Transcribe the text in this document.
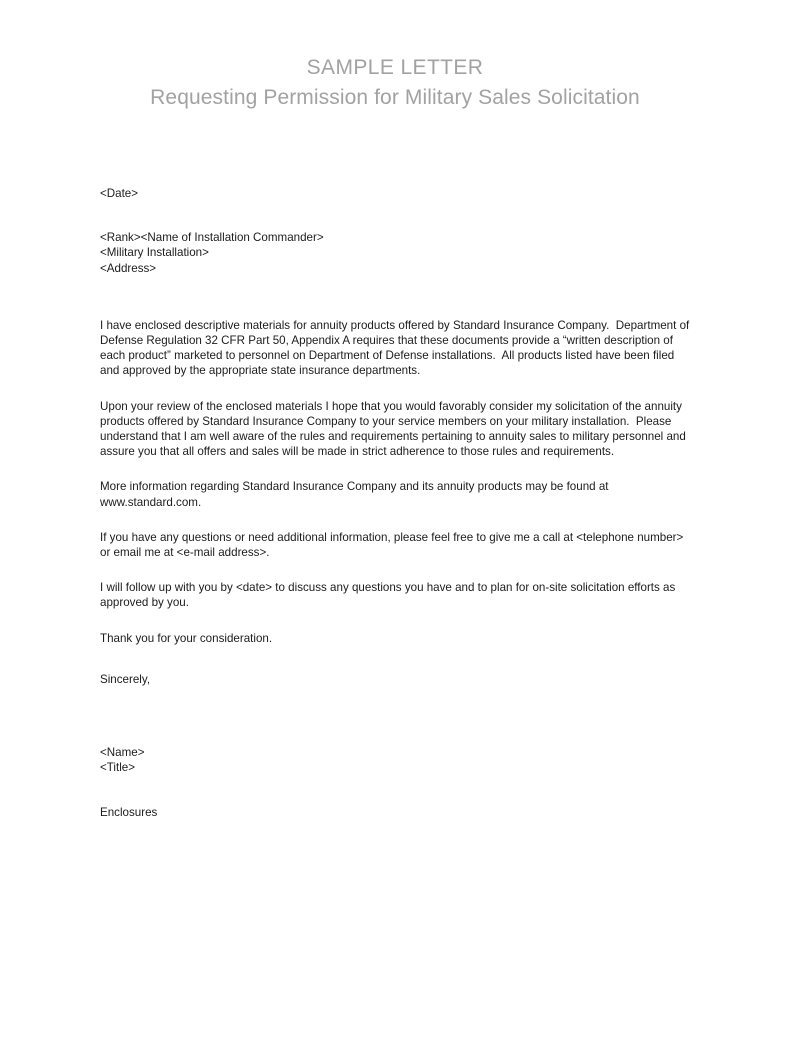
SAMPLE LETTER
Requesting Permission for Military Sales Solicitation
<Date>
<Rank><Name of Installation Commander>
<Military Installation>
<Address>

I have enclosed descriptive materials for annuity products offered by Standard Insurance Company.  Department of Defense Regulation 32 CFR Part 50, Appendix A requires that these documents provide a “written description of each product” marketed to personnel on Department of Defense installations.  All products listed have been filed and approved by the appropriate state insurance departments.

Upon your review of the enclosed materials I hope that you would favorably consider my solicitation of the annuity products offered by Standard Insurance Company to your service members on your military installation.  Please understand that I am well aware of the rules and requirements pertaining to annuity sales to military personnel and assure you that all offers and sales will be made in strict adherence to those rules and requirements.

More information regarding Standard Insurance Company and its annuity products may be found at www.standard.com.

If you have any questions or need additional information, please feel free to give me a call at <telephone number> or email me at <e-mail address>.

I will follow up with you by <date> to discuss any questions you have and to plan for on-site solicitation efforts as approved by you.

Thank you for your consideration.

Sincerely,
<Name>
<Title>
Enclosures
